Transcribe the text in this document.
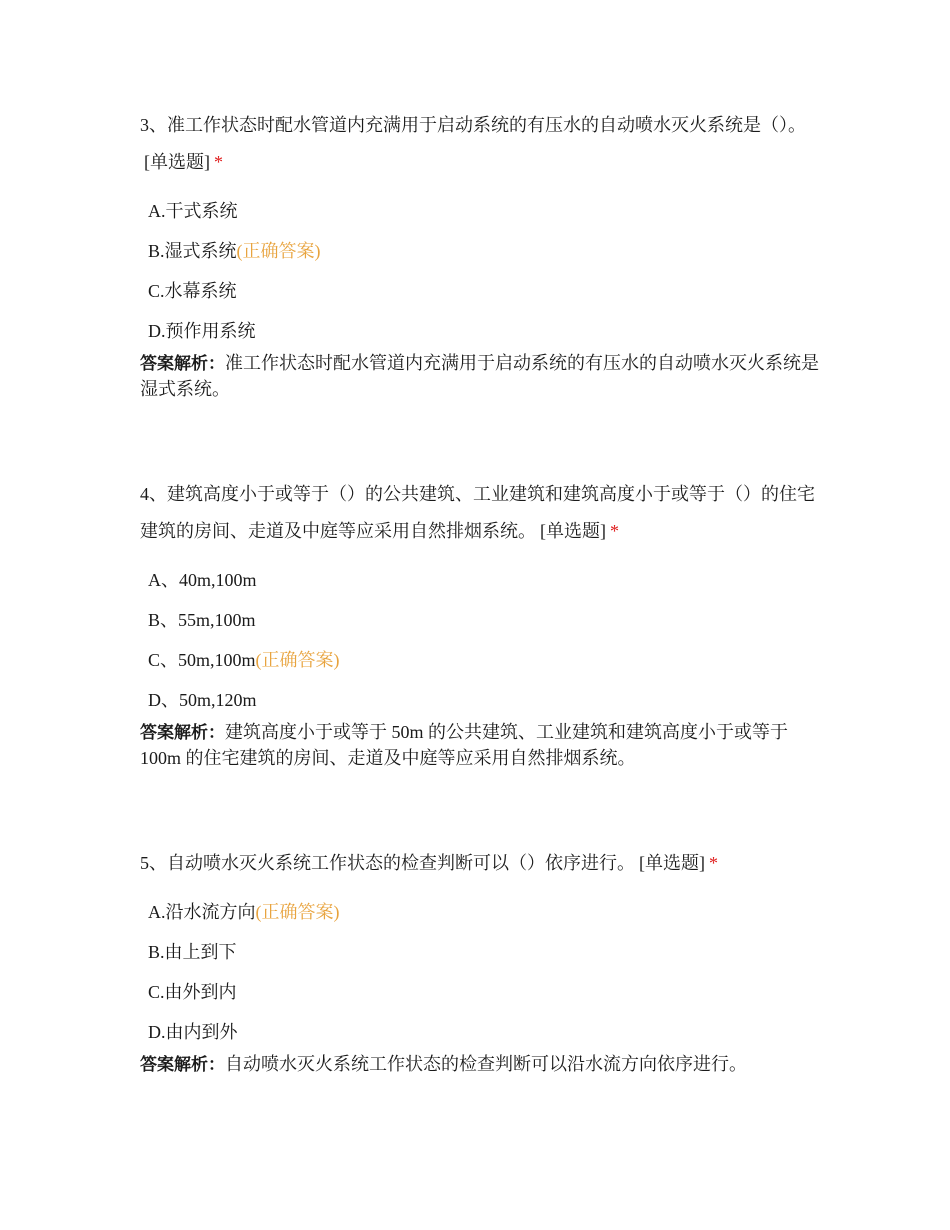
3、准工作状态时配水管道内充满用于启动系统的有压水的自动喷水灭火系统是（）。[单选题] *

A.干式系统
B.湿式系统(正确答案)
C.水幕系统
D.预作用系统
答案解析：准工作状态时配水管道内充满用于启动系统的有压水的自动喷水灭火系统是湿式系统。

4、建筑高度小于或等于（）的公共建筑、工业建筑和建筑高度小于或等于（）的住宅建筑的房间、走道及中庭等应采用自然排烟系统。 [单选题] *

A、40m,100m
B、55m,100m
C、50m,100m(正确答案)
D、50m,120m
答案解析：建筑高度小于或等于 50m 的公共建筑、工业建筑和建筑高度小于或等于 100m 的住宅建筑的房间、走道及中庭等应采用自然排烟系统。

5、自动喷水灭火系统工作状态的检查判断可以（）依序进行。 [单选题] *

A.沿水流方向(正确答案)
B.由上到下
C.由外到内
D.由内到外
答案解析：自动喷水灭火系统工作状态的检查判断可以沿水流方向依序进行。
